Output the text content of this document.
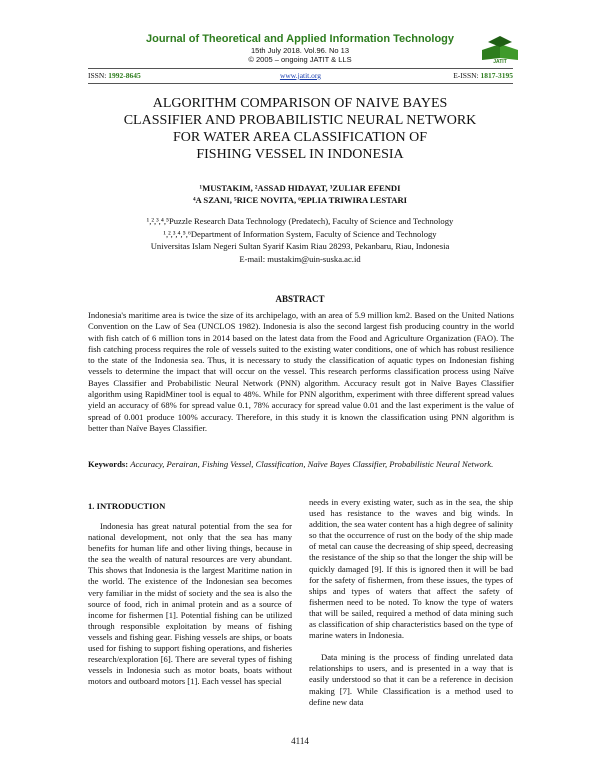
Journal of Theoretical and Applied Information Technology
15th July 2018. Vol.96. No 13
© 2005 – ongoing JATIT & LLS	JATIT
ISSN: 1992-8645	www.jatit.org	E-ISSN: 1817-3195
ALGORITHM COMPARISON OF NAIVE BAYES
CLASSIFIER AND PROBABILISTIC NEURAL NETWORK
FOR WATER AREA CLASSIFICATION OF
FISHING VESSEL IN INDONESIA
¹MUSTAKIM, ²ASSAD HIDAYAT, ³ZULIAR EFENDI
⁴A SZANI, ⁵RICE NOVITA, ⁶EPLIA TRIWIRA LESTARI
¹,²,³,⁴,⁵Puzzle Research Data Technology (Predatech), Faculty of Science and Technology
¹,²,³,⁴,⁵,⁶Department of Information System, Faculty of Science and Technology
Universitas Islam Negeri Sultan Syarif Kasim Riau 28293, Pekanbaru, Riau, Indonesia
E-mail: mustakim@uin-suska.ac.id
ABSTRACT
Indonesia's maritime area is twice the size of its archipelago, with an area of 5.9 million km2. Based on the United Nations Convention on the Law of Sea (UNCLOS 1982). Indonesia is also the second largest fish producing country in the world with fish catch of 6 million tons in 2014 based on the latest data from the Food and Agriculture Organization (FAO). The fish catching process requires the role of vessels suited to the existing water conditions, one of which has robust resilience to the state of the Indonesia sea. Thus, it is necessary to study the classification of aquatic types on Indonesian fishing vessels to determine the impact that will occur on the vessel. This research performs classification process using Naïve Bayes Classifier and Probabilistic Neural Network (PNN) algorithm. Accuracy result got in Naïve Bayes Classifier algorithm using RapidMiner tool is equal to 48%. While for PNN algorithm, experiment with three different spread values yield an accuracy of 68% for spread value 0.1, 78% accuracy for spread value 0.01 and the last experiment is the value of spread of 0.001 produce 100% accuracy. Therefore, in this study it is known the classification using PNN algorithm is better than Naïve Bayes Classifier.
Keywords: Accuracy, Perairan, Fishing Vessel, Classification, Naïve Bayes Classifier, Probabilistic Neural Network.
1. INTRODUCTION

Indonesia has great natural potential from the sea for national development, not only that the sea has many benefits for human life and other living things, because in the sea the wealth of natural resources are very abundant. This shows that Indonesia is the largest Maritime nation in the world. The existence of the Indonesian sea becomes very familiar in the midst of society and the sea is also the source of food, rich in animal protein and as a source of income for fishermen [1]. Potential fishing can be utilized through responsible exploitation by means of fishing vessels and fishing gear. Fishing vessels are ships, or boats used for fishing to support fishing operations, and fisheries research/exploration [6]. There are several types of fishing vessels in Indonesia such as motor boats, boats without motors and outboard motors [1]. Each vessel has special

needs in every existing water, such as in the sea, the ship used has resistance to the waves and big winds. In addition, the sea water content has a high degree of salinity so that the occurrence of rust on the body of the ship made of metal can cause the decreasing of ship speed, decreasing the resistance of the ship so that the longer the ship will be quickly damaged [9]. If this is ignored then it will be bad for the safety of fishermen, from these issues, the types of ships and types of waters that affect the safety of fishermen need to be noted. To know the type of waters that will be sailed, required a method of data mining such as classification of ship characteristics based on the type of marine waters in Indonesia.

Data mining is the process of finding unrelated data relationships to users, and is presented in a way that is easily understood so that it can be a reference in decision making [7]. While Classification is a method used to define new data

4114
